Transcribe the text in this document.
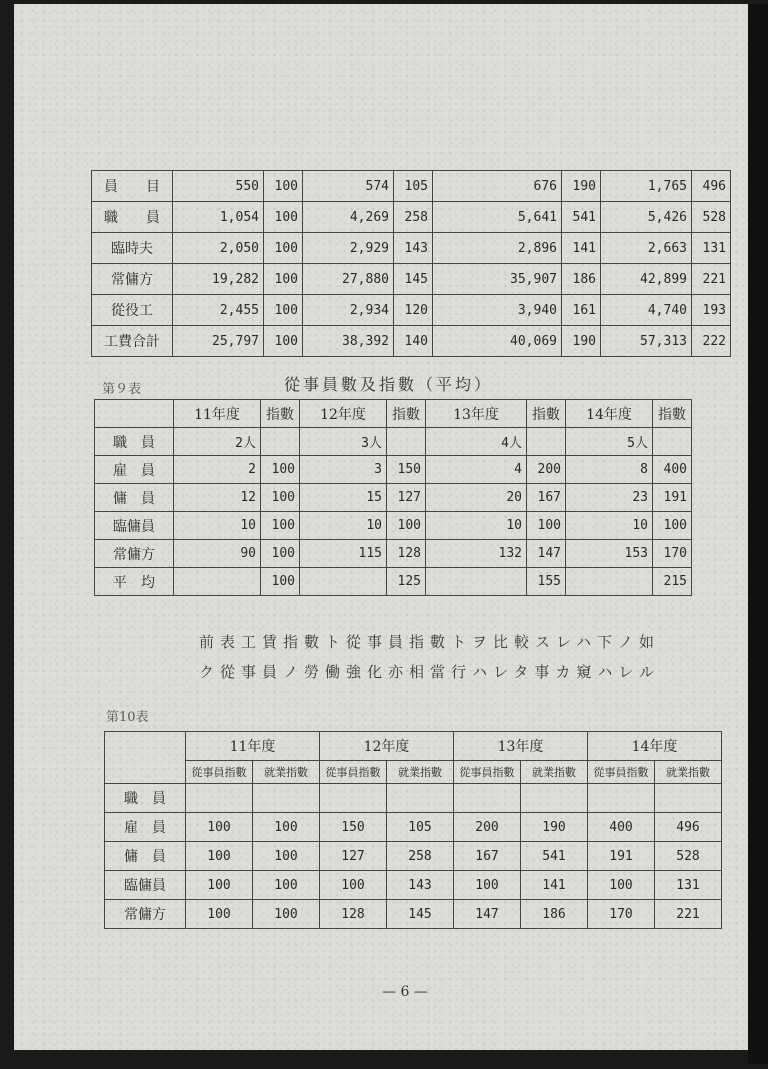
員　　目	550	100	574	105	676	190	1,765	496
職　　員	1,054	100	4,269	258	5,641	541	5,426	528
臨時夫	2,050	100	2,929	143	2,896	141	2,663	131
常傭方	19,282	100	27,880	145	35,907	186	42,899	221
從役工	2,455	100	2,934	120	3,940	161	4,740	193
工費合計	25,797	100	38,392	140	40,069	190	57,313	222
第９表	從事員數及指數（平均）
	11年度	指數	12年度	指數	13年度	指數	14年度	指數
職　員	2人		3人		4人		5人	
雇　員	2	100	3	150	4	200	8	400
傭　員	12	100	15	127	20	167	23	191
臨傭員	10	100	10	100	10	100	10	100
常傭方	90	100	115	128	132	147	153	170
平　均		100		125		155		215
前表工賃指數ト從事員指數トヲ比較スレハ下ノ如
ク從事員ノ勞働強化亦相當行ハレタ事カ窺ハレル
第10表
	11年度		12年度		13年度		14年度	
	從事員指數	就業指數	從事員指數	就業指數	從事員指數	就業指數	從事員指數	就業指數
職　員								
雇　員	100	100	150	105	200	190	400	496
傭　員	100	100	127	258	167	541	191	528
臨傭員	100	100	100	143	100	141	100	131
常傭方	100	100	128	145	147	186	170	221
— 6 —
